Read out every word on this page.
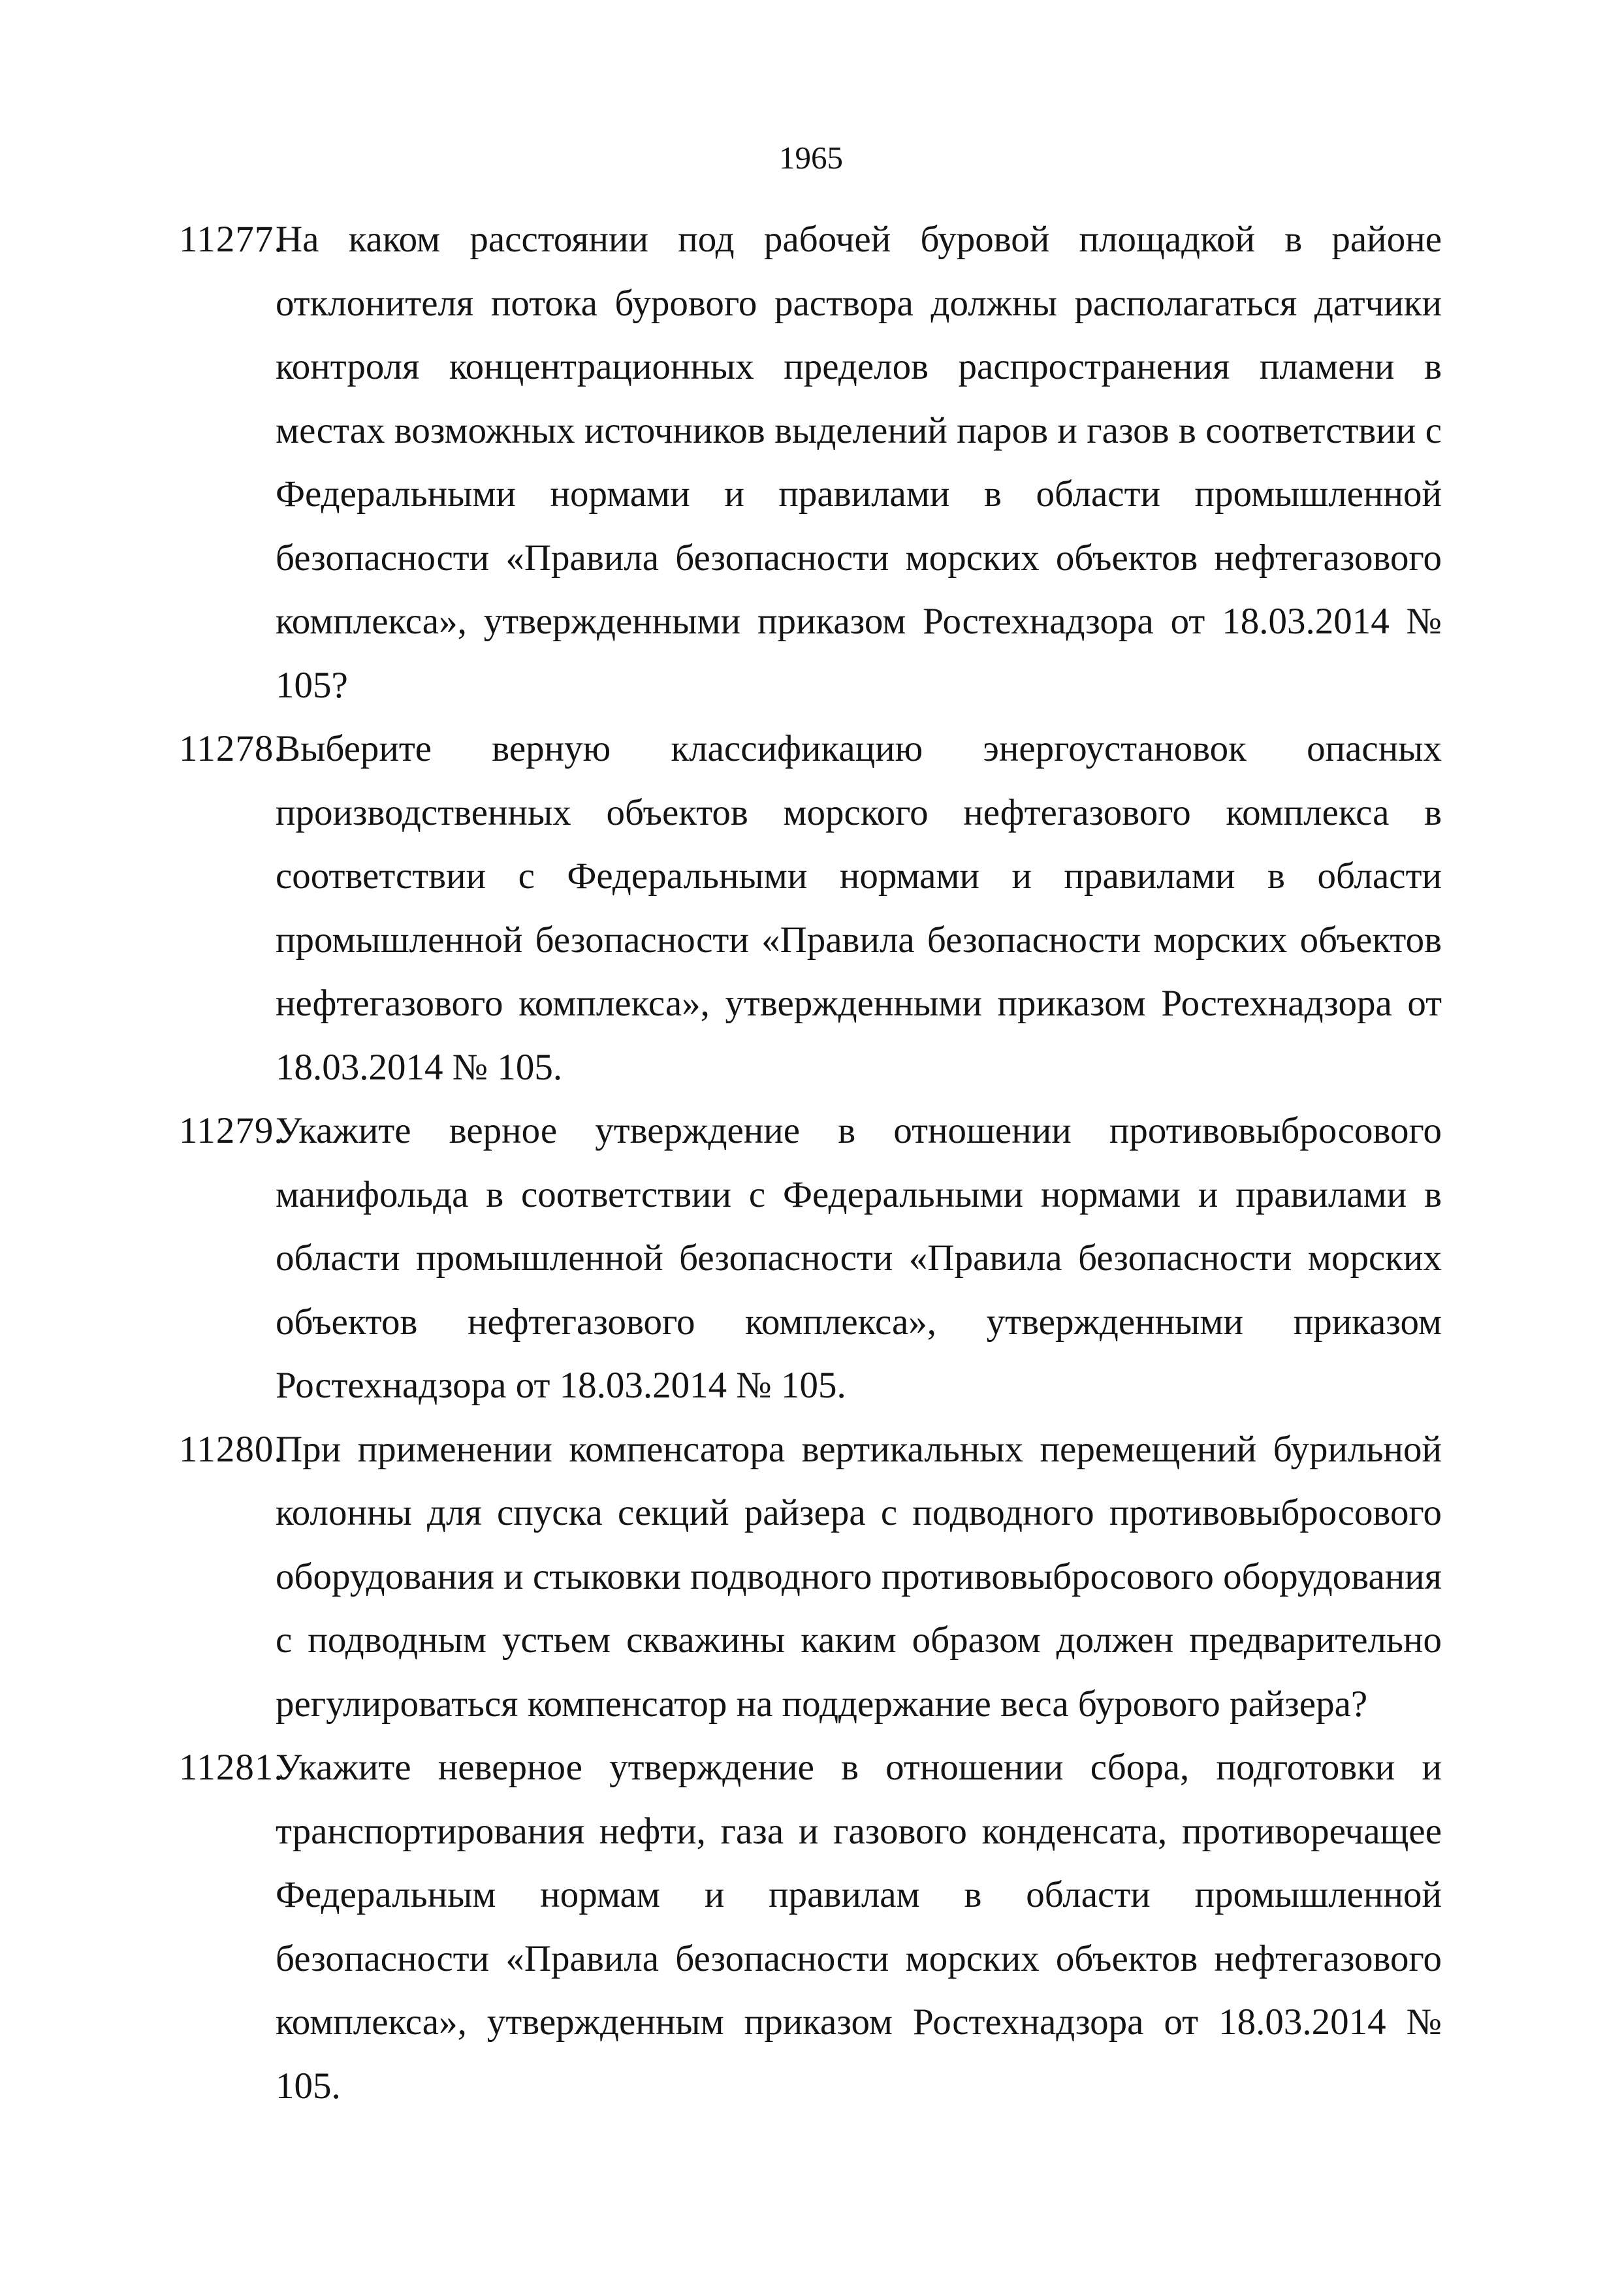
1965
11277.
На каком расстоянии под рабочей буровой площадкой в районе отклонителя потока бурового раствора должны располагаться датчики контроля концентрационных пределов распространения пламени в местах возможных источников выделений паров и газов в соответствии с Федеральными нормами и правилами в области промышленной безопасности «Правила безопасности морских объектов нефтегазового комплекса», утвержденными приказом Ростехнадзора от 18.03.2014 № 105?
11278.
Выберите верную классификацию энергоустановок опасных производственных объектов морского нефтегазового комплекса в соответствии с Федеральными нормами и правилами в области промышленной безопасности «Правила безопасности морских объектов нефтегазового комплекса», утвержденными приказом Ростехнадзора от 18.03.2014 № 105.
11279.
Укажите верное утверждение в отношении противовыбросового манифольда в соответствии с Федеральными нормами и правилами в области промышленной безопасности «Правила безопасности морских объектов нефтегазового комплекса», утвержденными приказом Ростехнадзора от 18.03.2014 № 105.
11280.
При применении компенсатора вертикальных перемещений бурильной колонны для спуска секций райзера с подводного противовыбросового оборудования и стыковки подводного противовыбросового оборудования с подводным устьем скважины каким образом должен предварительно регулироваться компенсатор на поддержание веса бурового райзера?
11281.
Укажите неверное утверждение в отношении сбора, подготовки и транспортирования нефти, газа и газового конденсата, противоречащее Федеральным нормам и правилам в области промышленной безопасности «Правила безопасности морских объектов нефтегазового комплекса», утвержденным приказом Ростехнадзора от 18.03.2014 № 105.
